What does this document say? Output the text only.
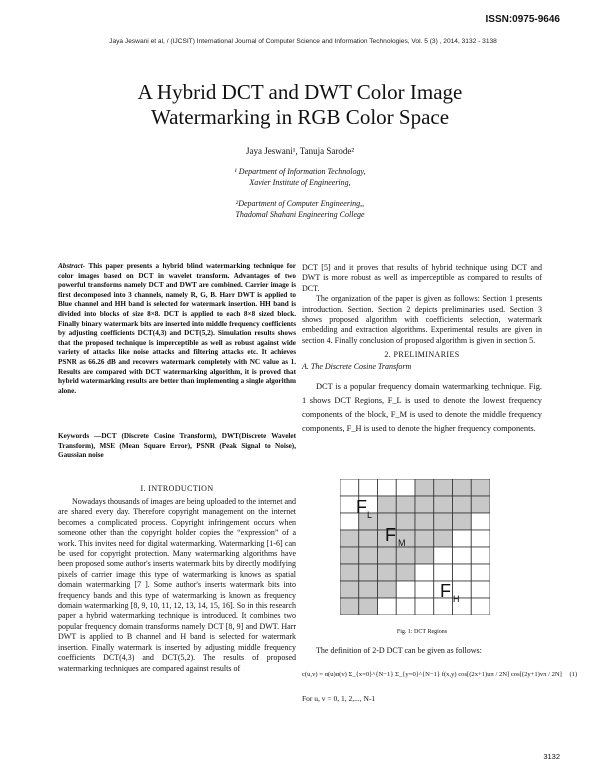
ISSN:0975-9646
Jaya Jeswani et al, / (IJCSIT) International Journal of Computer Science and Information Technologies, Vol. 5 (3) , 2014, 3132 - 3138
A Hybrid DCT and DWT Color Image
Watermarking in RGB Color Space
Jaya Jeswani¹, Tanuja Sarode²
¹ Department of Information Technology,
Xavier Institute of Engineering,
²Department of Computer Engineering,,
Thadomal Shahani Engineering College
Abstract- This paper presents a hybrid blind watermarking technique for color images based on DCT in wavelet transform. Advantages of two powerful transforms namely DCT and DWT are combined. Carrier image is first decomposed into 3 channels, namely R, G, B. Harr DWT is applied to Blue channel and HH band is selected for watermark insertion. HH band is divided into blocks of size 8×8. DCT is applied to each 8×8 sized block. Finally binary watermark bits are inserted into middle frequency coefficients by adjusting coefficients DCT(4,3) and DCT(5,2). Simulation results shows that the proposed technique is imperceptible as well as robust against wide variety of attacks like noise attacks and filtering attacks etc. It achieves PSNR as 66.26 dB and recovers watermark completely with NC value as 1. Results are compared with DCT watermarking algorithm, it is proved that hybrid watermarking results are better than implementing a single algorithm alone.
Keywords —DCT (Discrete Cosine Transform), DWT(Discrete Wavelet Transform), MSE (Mean Square Error), PSNR (Peak Signal to Noise), Gaussian noise
I. INTRODUCTION

Nowadays thousands of images are being uploaded to the internet and are shared every day. Therefore copyright management on the internet becomes a complicated process. Copyright infringement occurs when someone other than the copyright holder copies the “expression” of a work. This invites need for digital watermarking. Watermarking [1-6] can be used for copyright protection. Many watermarking algorithms have been proposed some author's inserts watermark bits by directly modifying pixels of carrier image this type of watermarking is knows as spatial domain watermarking [7 ]. Some author's inserts watermark bits into frequency bands and this type of watermarking is known as frequency domain watermarking [8, 9, 10, 11, 12, 13, 14, 15, 16]. So in this research paper a hybrid watermarking technique is introduced. It combines two popular frequency domain transforms namely DCT [8, 9] and DWT. Harr DWT is applied to B channel and H band is selected for watermark insertion. Finally watermark is inserted by adjusting middle frequency coefficients DCT(4,3) and DCT(5,2). The results of proposed watermarking techniques are compared against results of

DCT [5] and it proves that results of hybrid technique using DCT and DWT is more robust as well as imperceptible as compared to results of DCT.

The organization of the paper is given as follows: Section 1 presents introduction. Section. Section 2 depicts preliminaries used. Section 3 shows proposed algorithm with coefficients selection, watermark embedding and extraction algorithms. Experimental results are given in section 4. Finally conclusion of proposed algorithm is given in section 5.

2. PRELIMINARIES
A. The Discrete Cosine Transform

DCT is a popular frequency domain watermarking technique. Fig. 1 shows DCT Regions, F_L is used to denote the lowest frequency components of the block, F_M is used to denote the middle frequency components, F_H is used to denote the higher frequency components.

F L
F M
F H
Fig. 1: DCT Regions
The definition of 2-D DCT can be given as follows:
c(u,v) = α(u)α(v) Σ_{x=0}^{N−1} Σ_{y=0}^{N−1} f(x,y) cos[(2x+1)uπ / 2N] cos[(2y+1)vπ / 2N] (1)
For u, v = 0, 1, 2,..., N-1
3132
